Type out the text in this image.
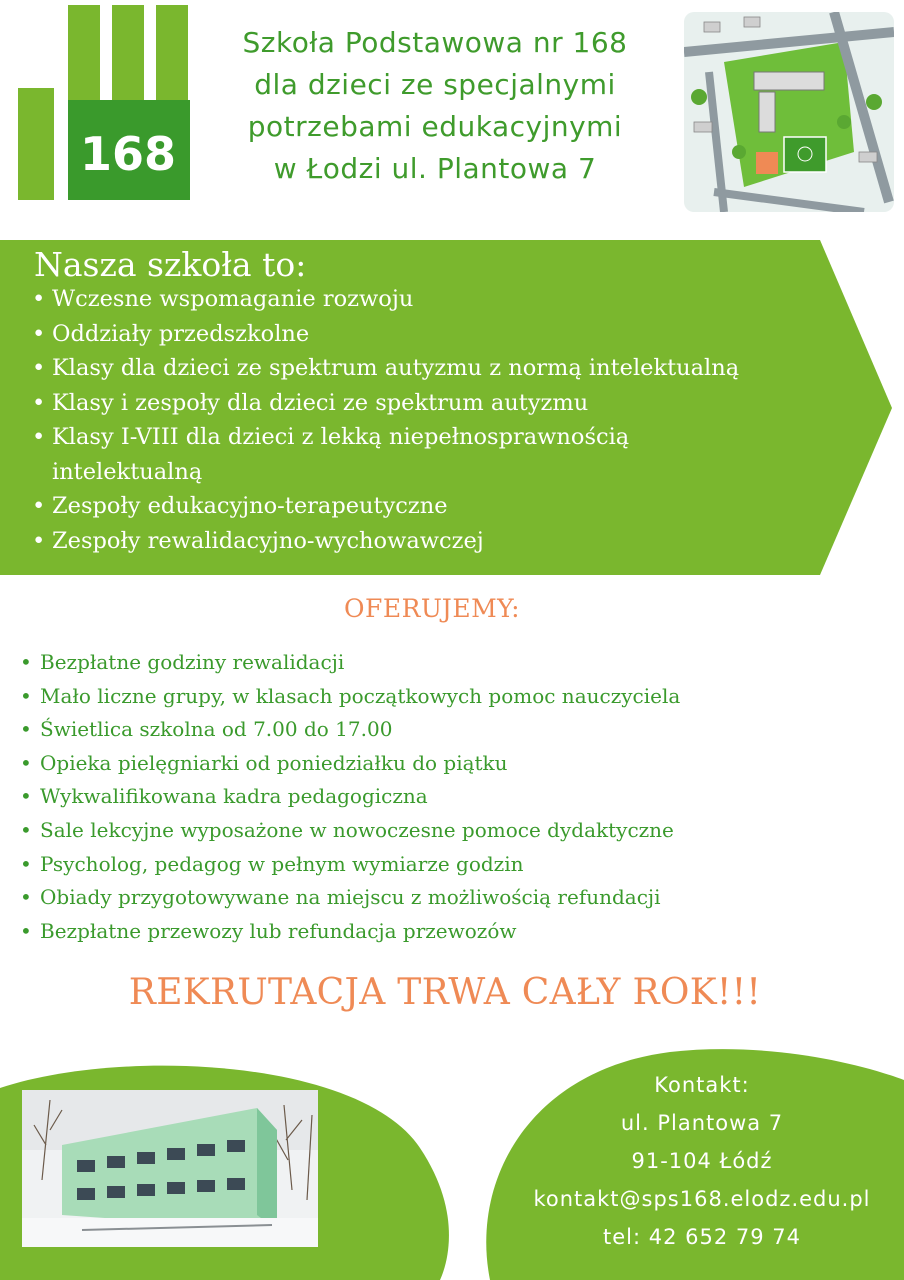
168
Szkoła Podstawowa nr 168
dla dzieci ze specjalnymi
potrzebami edukacyjnymi
w Łodzi ul. Plantowa 7
Nasza szkoła to:
• Wczesne wspomaganie rozwoju
• Oddziały przedszkolne
• Klasy dla dzieci ze spektrum autyzmu z normą intelektualną
• Klasy i zespoły dla dzieci ze spektrum autyzmu
• Klasy I-VIII dla dzieci z lekką niepełnosprawnością
intelektualną
• Zespoły edukacyjno-terapeutyczne
• Zespoły rewalidacyjno-wychowawczej
OFERUJEMY:
• Bezpłatne godziny rewalidacji
• Mało liczne grupy, w klasach początkowych pomoc nauczyciela
• Świetlica szkolna od 7.00 do 17.00
• Opieka pielęgniarki od poniedziałku do piątku
• Wykwalifikowana kadra pedagogiczna
• Sale lekcyjne wyposażone w nowoczesne pomoce dydaktyczne
• Psycholog, pedagog w pełnym wymiarze godzin
• Obiady przygotowywane na miejscu z możliwością refundacji
• Bezpłatne przewozy lub refundacja przewozów
REKRUTACJA TRWA CAŁY ROK!!!
Kontakt:
ul. Plantowa 7
91-104 Łódź
kontakt@sps168.elodz.edu.pl
tel: 42 652 79 74
